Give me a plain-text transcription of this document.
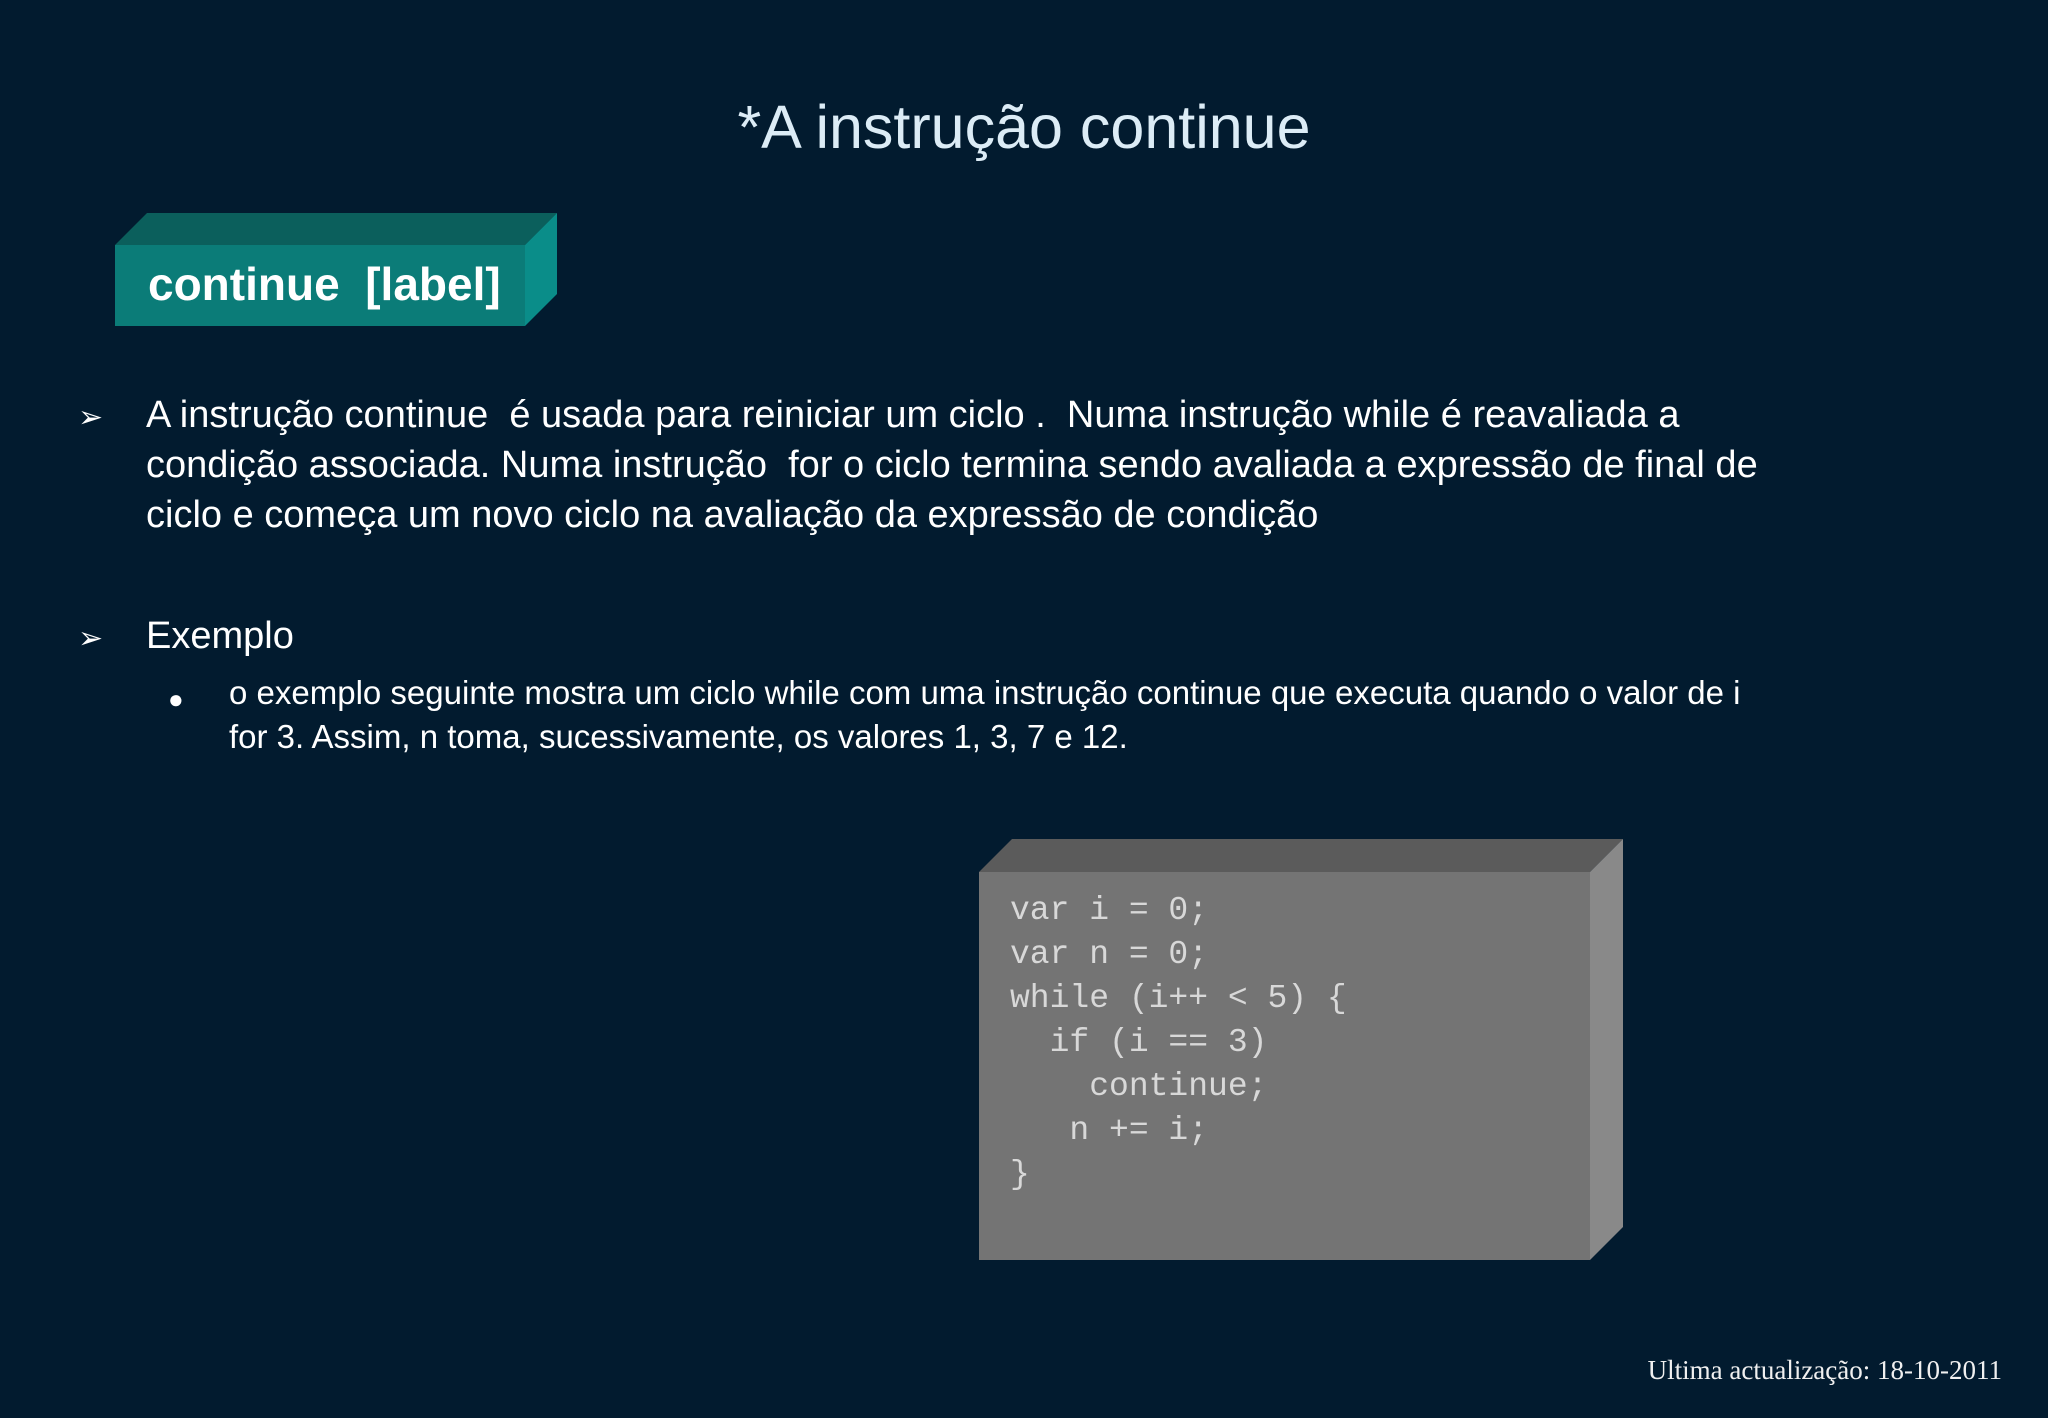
*A instrução continue
continue  [label]
➢ A instrução continue  é usada para reiniciar um ciclo .  Numa instrução while é reavaliada a

condição associada. Numa instrução  for o ciclo termina sendo avaliada a expressão de final de

ciclo e começa um novo ciclo na avaliação da expressão de condição

➢ Exemplo

● o exemplo seguinte mostra um ciclo while com uma instrução continue que executa quando o valor de i

for 3. Assim, n toma, sucessivamente, os valores 1, 3, 7 e 12.

var i = 0;
var n = 0;
while (i++ < 5) {
if (i == 3)
continue;
n += i;
}
Ultima actualização: 18-10-2011
